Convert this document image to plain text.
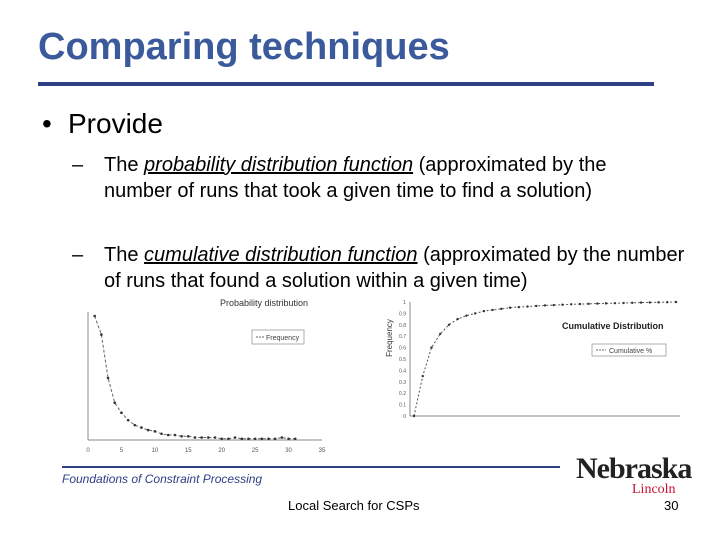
Comparing techniques
• Provide
–	The probability distribution function (approximated by the number of runs that took a given time to find a solution)
–	The cumulative distribution function (approximated by the number of runs that found a solution within a given time)
Probability distribution
0	5	10	15	20	25	30	35
Frequency	Frequency
0
0.1
0.2
0.3
0.4
0.5
0.6
0.7
0.8
0.9
1
Cumulative Distribution
Cumulative %
Foundations of Constraint Processing
Local Search for CSPs	30
Nebraska
Lincoln
